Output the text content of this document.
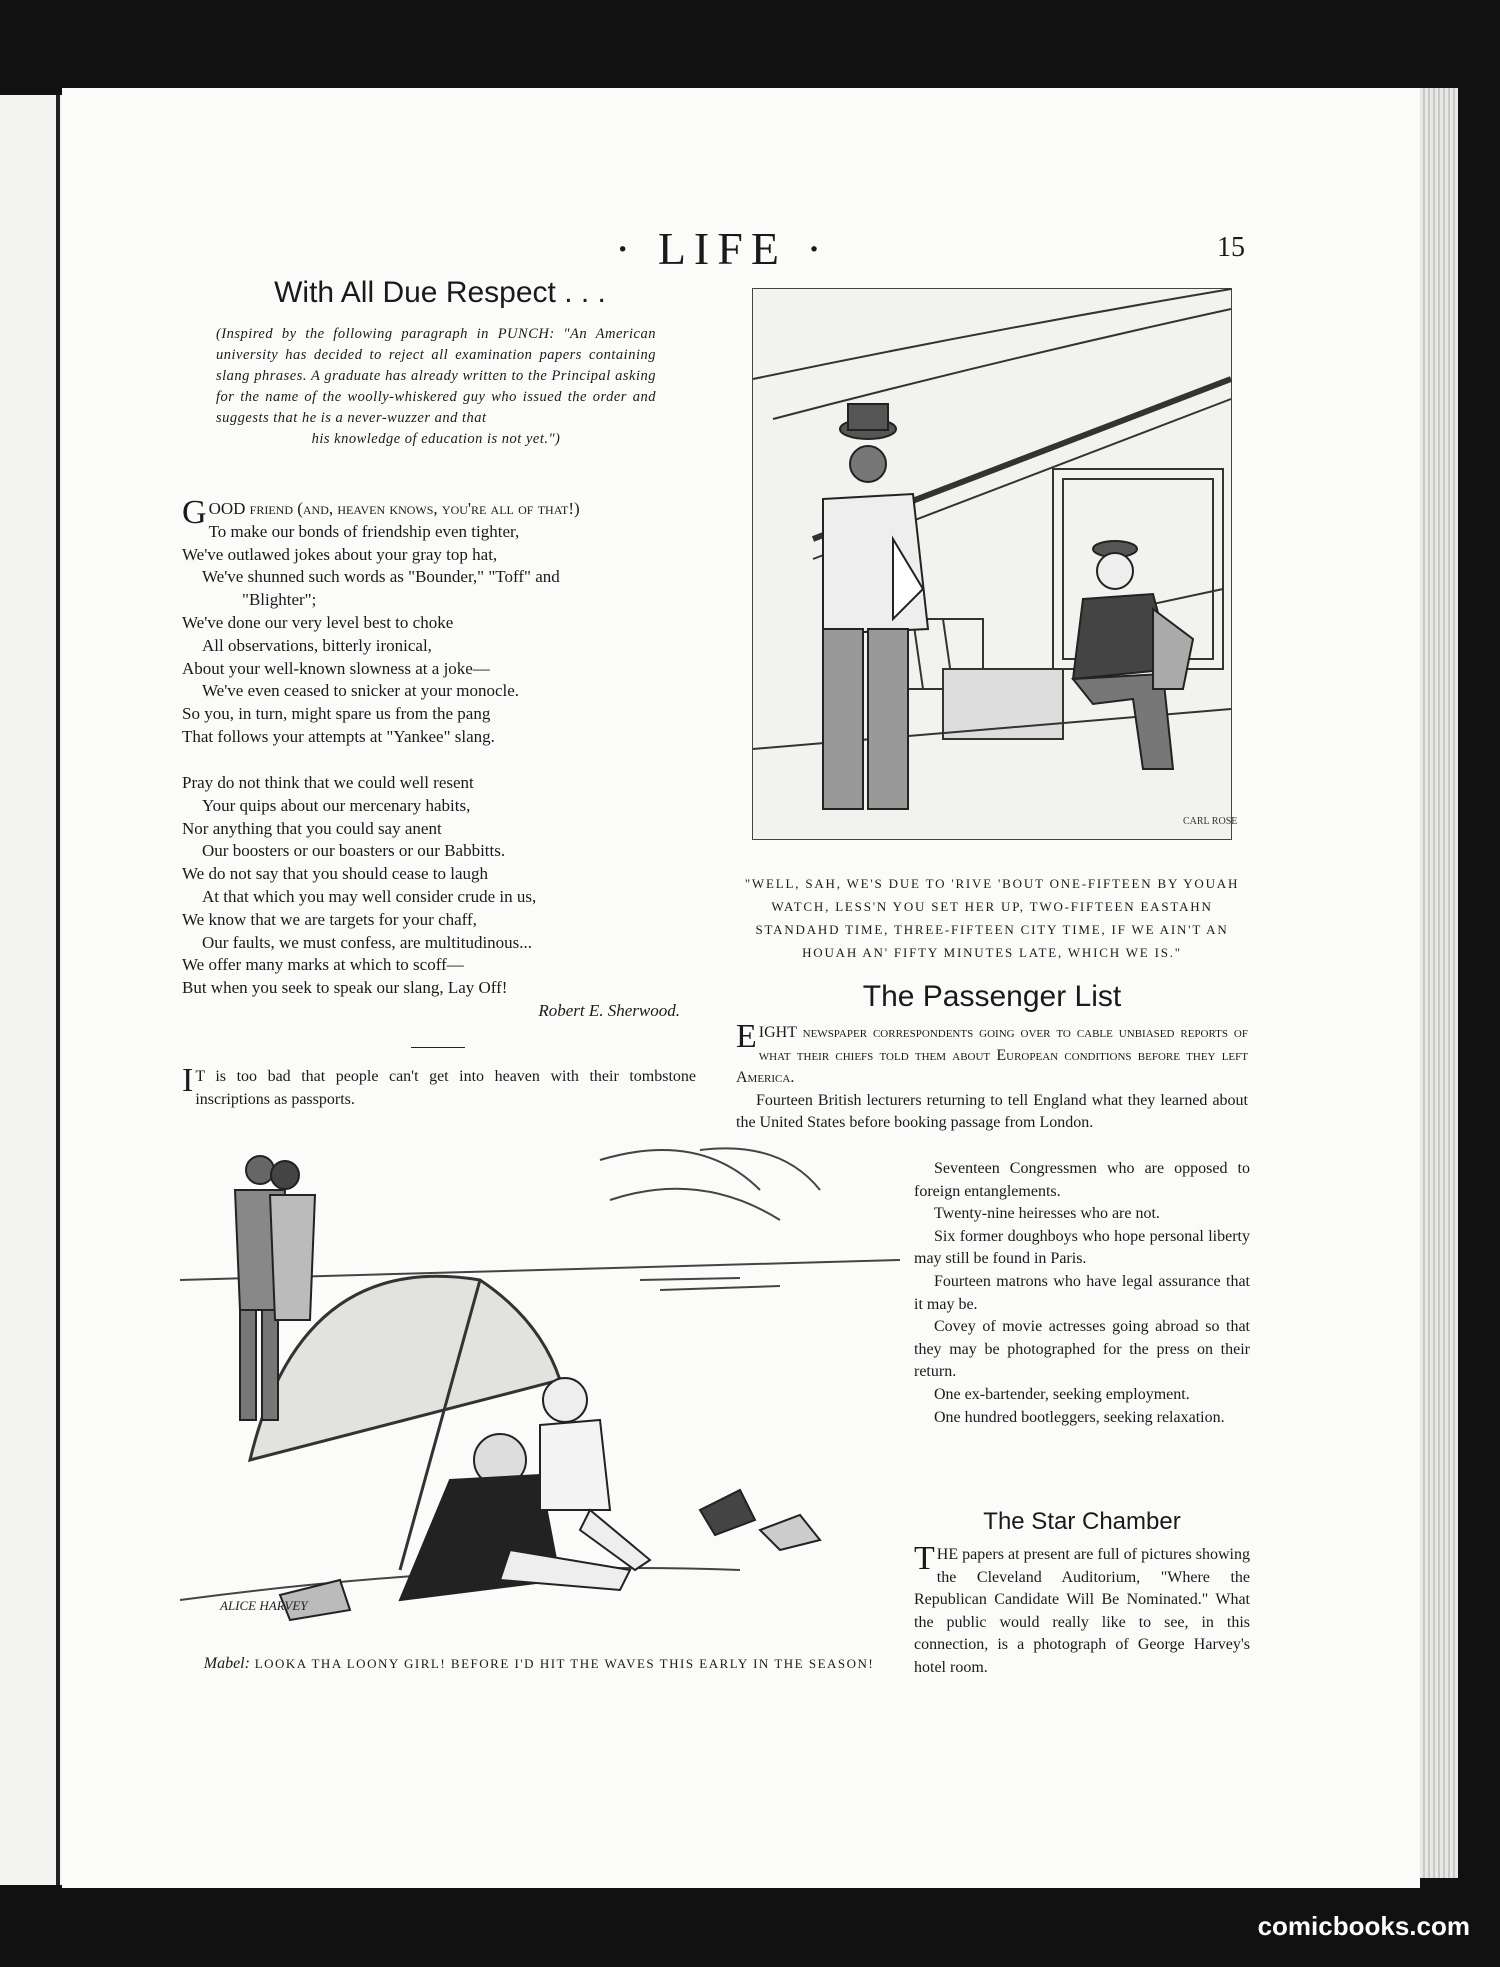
· LIFE ·	15
With All Due Respect . . .
(Inspired by the following paragraph in PUNCH: "An American university has decided to reject all examination papers containing slang phrases. A graduate has already written to the Principal asking for the name of the woolly-whiskered guy who issued the order and suggests that he is a never-wuzzer and that
his knowledge of education is not yet.")
G OOD friend (and, heaven knows, you're all of that!)
To make our bonds of friendship even tighter,
We've outlawed jokes about your gray top hat,
We've shunned such words as "Bounder," "Toff" and
"Blighter";
We've done our very level best to choke
All observations, bitterly ironical,
About your well-known slowness at a joke—
We've even ceased to snicker at your monocle.
So you, in turn, might spare us from the pang
That follows your attempts at "Yankee" slang.
Pray do not think that we could well resent
Your quips about our mercenary habits,
Nor anything that you could say anent
Our boosters or our boasters or our Babbitts.
We do not say that you should cease to laugh
At that which you may well consider crude in us,
We know that we are targets for your chaff,
Our faults, we must confess, are multitudinous...
We offer many marks at which to scoff—
But when you seek to speak our slang, Lay Off!
Robert E. Sherwood.
I T is too bad that people can't get into heaven with their tombstone inscriptions as passports.
CARL ROSE
"WELL, SAH, WE'S DUE TO 'RIVE 'BOUT ONE-FIFTEEN BY YOUAH WATCH, LESS'N YOU SET HER UP, TWO-FIFTEEN EASTAHN STANDAHD TIME, THREE-FIFTEEN CITY TIME, IF WE AIN'T AN HOUAH AN' FIFTY MINUTES LATE, WHICH WE IS."
The Passenger List
E IGHT newspaper correspondents going over to cable unbiased reports of what their chiefs told them about European conditions before they left America.

Fourteen British lecturers returning to tell England what they learned about the United States before booking passage from London.

Seventeen Congressmen who are opposed to foreign entanglements.

Twenty-nine heiresses who are not.

Six former doughboys who hope personal liberty may still be found in Paris.

Fourteen matrons who have legal assurance that it may be.

Covey of movie actresses going abroad so that they may be photographed for the press on their return.

One ex-bartender, seeking employment.

One hundred bootleggers, seeking relaxation.

The Star Chamber
T HE papers at present are full of pictures showing the Cleveland Auditorium, "Where the Republican Candidate Will Be Nominated." What the public would really like to see, in this connection, is a photograph of George Harvey's hotel room.
ALICE HARVEY
Mabel: LOOKA THA LOONY GIRL! BEFORE I'D HIT THE WAVES THIS EARLY IN THE SEASON!
comicbooks.com
